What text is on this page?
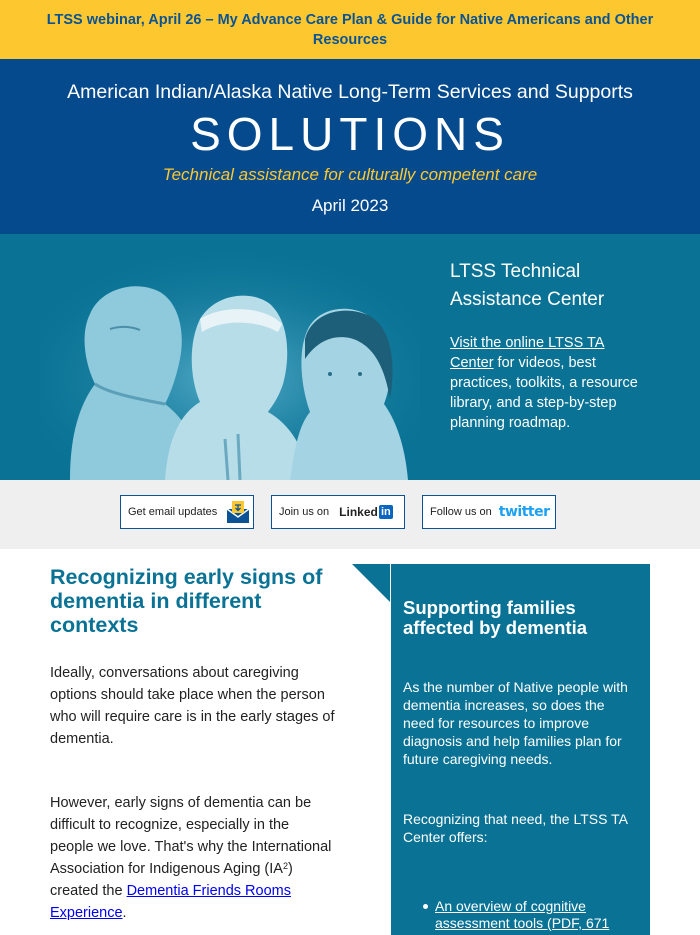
LTSS webinar, April 26 – My Advance Care Plan & Guide for Native Americans and Other Resources
American Indian/Alaska Native Long-Term Services and Supports
SOLUTIONS
Technical assistance for culturally competent care
April 2023
LTSS Technical Assistance Center

Visit the online LTSS TA Center for videos, best practices, toolkits, a resource library, and a step-by-step planning roadmap.

Get email updates	Join us on Linked in	Follow us on twitter
Recognizing early signs of dementia in different contexts

Ideally, conversations about caregiving options should take place when the person who will require care is in the early stages of dementia.

However, early signs of dementia can be difficult to recognize, especially in the people we love. That's why the International Association for Indigenous Aging $(IA^2)$ created the Dementia Friends Rooms Experience.

Supporting families affected by dementia

As the number of Native people with dementia increases, so does the need for resources to improve diagnosis and help families plan for future caregiving needs.

Recognizing that need, the LTSS TA Center offers:

An overview of cognitive assessment tools (PDF, 671
